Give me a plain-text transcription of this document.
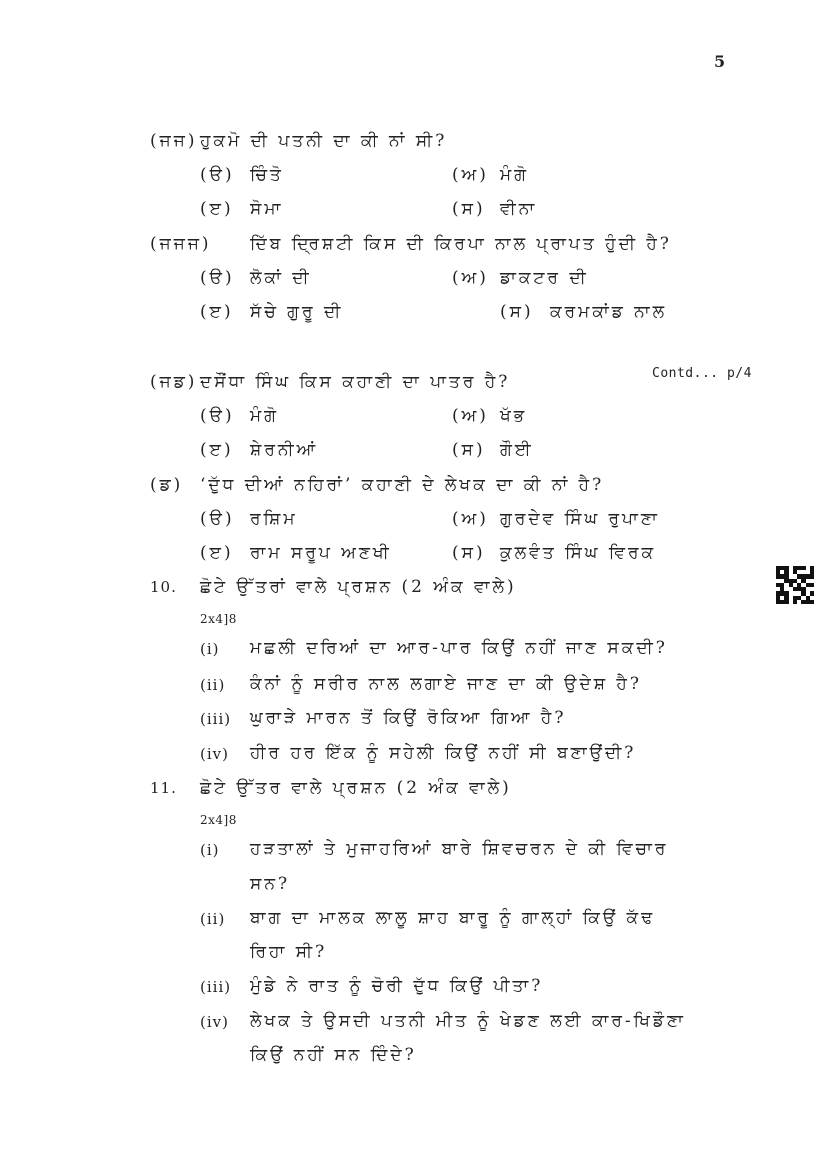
5
(ਜਜ) ਹੁਕਮੋ ਦੀ ਪਤਨੀ ਦਾ ਕੀ ਨਾਂ ਸੀ?
(ੳ) ਚਿੰਤੋ	(ਅ) ਮੰਗੋ
(ੲ) ਸੋਮਾ	(ਸ) ਵੀਨਾ
(ਜਜਜ) ਦਿੱਬ ਦ੍ਰਿਸ਼ਟੀ ਕਿਸ ਦੀ ਕਿਰਪਾ ਨਾਲ ਪ੍ਰਾਪਤ ਹੁੰਦੀ ਹੈ?
(ੳ) ਲੋਕਾਂ ਦੀ	(ਅ) ਡਾਕਟਰ ਦੀ
(ੲ) ਸੱਚੇ ਗੁਰੂ ਦੀ	(ਸ) ਕਰਮਕਾਂਡ ਨਾਲ
Contd... p/4
(ਜਡ) ਦਸੌਂਧਾ ਸਿੰਘ ਕਿਸ ਕਹਾਣੀ ਦਾ ਪਾਤਰ ਹੈ?
(ੳ) ਮੰਗੋ	(ਅ) ਖੱਭ
(ੲ) ਸ਼ੇਰਨੀਆਂ	(ਸ) ਗੌਈ
(ਡ) ‘ਦੁੱਧ ਦੀਆਂ ਨਹਿਰਾਂ’ ਕਹਾਣੀ ਦੇ ਲੇਖਕ ਦਾ ਕੀ ਨਾਂ ਹੈ?
(ੳ) ਰਸ਼ਿਮ	(ਅ) ਗੁਰਦੇਵ ਸਿੰਘ ਰੁਪਾਣਾ
(ੲ) ਰਾਮ ਸਰੂਪ ਅਣਖੀ	(ਸ) ਕੁਲਵੰਤ ਸਿੰਘ ਵਿਰਕ
10. ਛੋਟੇ ਉੱਤਰਾਂ ਵਾਲੇ ਪ੍ਰਸ਼ਨ (2 ਅੰਕ ਵਾਲੇ)
2x4]8
(i) ਮਛਲੀ ਦਰਿਆਂ ਦਾ ਆਰ-ਪਾਰ ਕਿਉਂ ਨਹੀਂ ਜਾਣ ਸਕਦੀ?
(ii) ਕੰਨਾਂ ਨੂੰ ਸਰੀਰ ਨਾਲ ਲਗਾਏ ਜਾਣ ਦਾ ਕੀ ਉਦੇਸ਼ ਹੈ?
(iii) ਘੁਰਾੜੇ ਮਾਰਨ ਤੋਂ ਕਿਉਂ ਰੋਕਿਆ ਗਿਆ ਹੈ?
(iv) ਹੀਰ ਹਰ ਇੱਕ ਨੂੰ ਸਹੇਲੀ ਕਿਉਂ ਨਹੀਂ ਸੀ ਬਣਾਉਂਦੀ?
11. ਛੋਟੇ ਉੱਤਰ ਵਾਲੇ ਪ੍ਰਸ਼ਨ (2 ਅੰਕ ਵਾਲੇ)
2x4]8
(i) ਹੜਤਾਲਾਂ ਤੇ ਮੁਜਾਹਰਿਆਂ ਬਾਰੇ ਸ਼ਿਵਚਰਨ ਦੇ ਕੀ ਵਿਚਾਰ
ਸਨ?
(ii) ਬਾਗ ਦਾ ਮਾਲਕ ਲਾਲੂ ਸ਼ਾਹ ਬਾਰੂ ਨੂੰ ਗਾਲ੍ਹਾਂ ਕਿਉਂ ਕੱਢ
ਰਿਹਾ ਸੀ?
(iii) ਮੁੰਡੇ ਨੇ ਰਾਤ ਨੂੰ ਚੋਰੀ ਦੁੱਧ ਕਿਉਂ ਪੀਤਾ?
(iv) ਲੇਖਕ ਤੇ ਉਸਦੀ ਪਤਨੀ ਮੀਤ ਨੂੰ ਖੇਡਣ ਲਈ ਕਾਰ-ਖਿਡੌਣਾ
ਕਿਉਂ ਨਹੀਂ ਸਨ ਦਿੰਦੇ?
